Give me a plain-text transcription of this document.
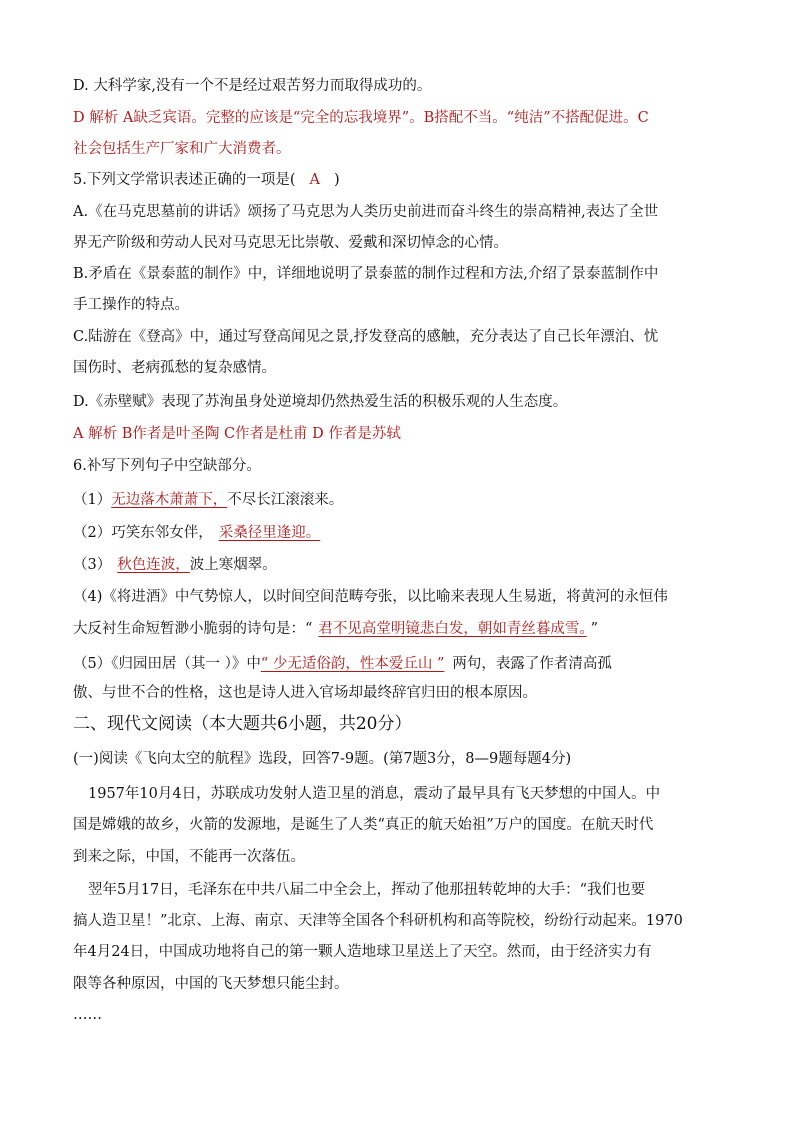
D. 大科学家,没有一个不是经过艰苦努力而取得成功的。
D 解析 A缺乏宾语。完整的应该是“完全的忘我境界”。B搭配不当。“纯洁”不搭配促进。C
社会包括生产厂家和广大消费者。
5.下列文学常识表述正确的一项是( A )
A.《在马克思墓前的讲话》颂扬了马克思为人类历史前进而奋斗终生的崇高精神,表达了全世
界无产阶级和劳动人民对马克思无比崇敬、爱戴和深切悼念的心情。
B.矛盾在《景泰蓝的制作》中，详细地说明了景泰蓝的制作过程和方法,介绍了景泰蓝制作中
手工操作的特点。
C.陆游在《登高》中，通过写登高闻见之景,抒发登高的感触，充分表达了自己长年漂泊、忧
国伤时、老病孤愁的复杂感情。
D.《赤壁赋》表现了苏洵虽身处逆境却仍然热爱生活的积极乐观的人生态度。
A 解析 B作者是叶圣陶 C作者是杜甫 D 作者是苏轼
6.补写下列句子中空缺部分。
（1）无边落木萧萧下，不尽长江滚滚来。
（2）巧笑东邻女伴， 采桑径里逢迎。
（3） 秋色连波，波上寒烟翠。
（4)《将进酒》中气势惊人，以时间空间范畴夸张，以比喻来表现人生易逝，将黄河的永恒伟
大反衬生命短暂渺小脆弱的诗句是：“ 君不见高堂明镜悲白发，朝如青丝暮成雪。 ”
（5）《归园田居（其一 ）》中“ 少无适俗韵，性本爱丘山 ” 两句，表露了作者清高孤
傲、与世不合的性格，这也是诗人进入官场却最终辞官归田的根本原因。
二、现代文阅读（本大题共6小题，共20分）
(一)阅读《飞向太空的航程》选段，回答7-9题。(第7题3分，8—9题每题4分)
1957年10月4日，苏联成功发射人造卫星的消息，震动了最早具有飞天梦想的中国人。中
国是嫦娥的故乡，火箭的发源地，是诞生了人类“真正的航天始祖”万户的国度。在航天时代
到来之际，中国，不能再一次落伍。
翌年5月17日，毛泽东在中共八届二中全会上，挥动了他那扭转乾坤的大手：“我们也要
搞人造卫星！”北京、上海、南京、天津等全国各个科研机构和高等院校，纷纷行动起来。1970
年4月24日，中国成功地将自己的第一颗人造地球卫星送上了天空。然而，由于经济实力有
限等各种原因，中国的飞天梦想只能尘封。
……
